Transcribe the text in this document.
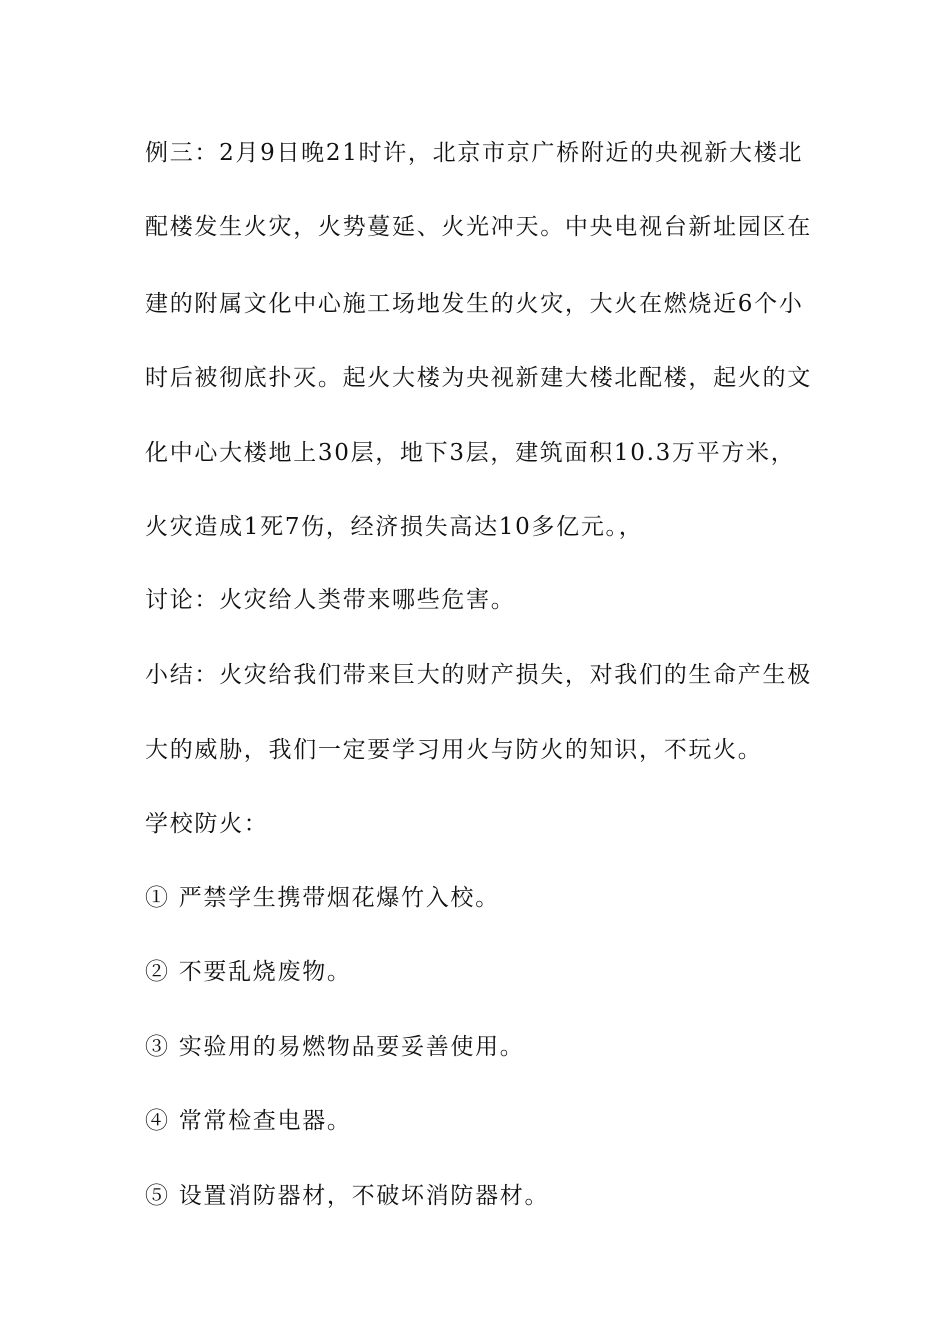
例三：2月9日晚21时许，北京市京广桥附近的央视新大楼北
配楼发生火灾，火势蔓延、火光冲天。中央电视台新址园区在
建的附属文化中心施工场地发生的火灾，大火在燃烧近6个小
时后被彻底扑灭。起火大楼为央视新建大楼北配楼，起火的文
化中心大楼地上30层，地下3层，建筑面积10.3万平方米，
火灾造成1死7伤，经济损失高达10多亿元。，
讨论：火灾给人类带来哪些危害。
小结：火灾给我们带来巨大的财产损失，对我们的生命产生极
大的威胁，我们一定要学习用火与防火的知识，不玩火。
学校防火：
① 严禁学生携带烟花爆竹入校。
② 不要乱烧废物。
③ 实验用的易燃物品要妥善使用。
④ 常常检查电器。
⑤ 设置消防器材，不破坏消防器材。
